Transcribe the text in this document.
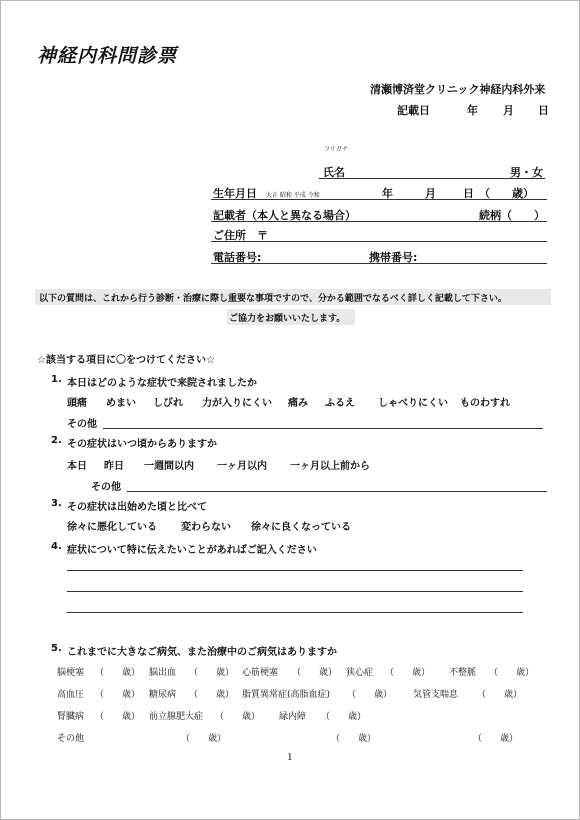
神経内科問診票
清瀬博済堂クリニック神経内科外来
記載日	年 月 日
フリガナ
氏名	男・女
生年月日 大正 昭和 平成 令和	年	月 日 （　　歳）
記載者（本人と異なる場合）	続柄（　　）
ご住所 〒
電話番号:	携帯番号:
以下の質問は、これから行う診断・治療に際し重要な事項ですので、分かる範囲でなるべく詳しく記載して下さい。
ご協力をお願いいたします。
☆該当する項目に〇をつけてください☆
1. 本日はどのような症状で来院されましたか
頭痛 めまい しびれ 力が入りにくい 痛み ふるえ しゃべりにくい ものわすれ
その他
2. その症状はいつ頃からありますか
本日 昨日 一週間以内 一ヶ月以内 一ヶ月以上前から
その他
3. その症状は出始めた頃と比べて
徐々に悪化している 変わらない 徐々に良くなっている
4. 症状について特に伝えたいことがあればご記入ください
5. これまでに大きなご病気、また治療中のご病気はありますか
脳梗塞 （　　歳） 脳出血 （　　歳） 心筋梗塞 （　　歳） 狭心症 （　　歳） 不整脈 （　　歳）
高血圧 （　　歳） 糖尿病 （　　歳） 脂質異常症(高脂血症) （　　歳） 気管支喘息 （　　歳）
腎臓病 （　　歳） 前立腺肥大症 （　　歳） 緑内障 （　　歳）
その他	（　　歳）	（　　歳）	（　　歳）
1
